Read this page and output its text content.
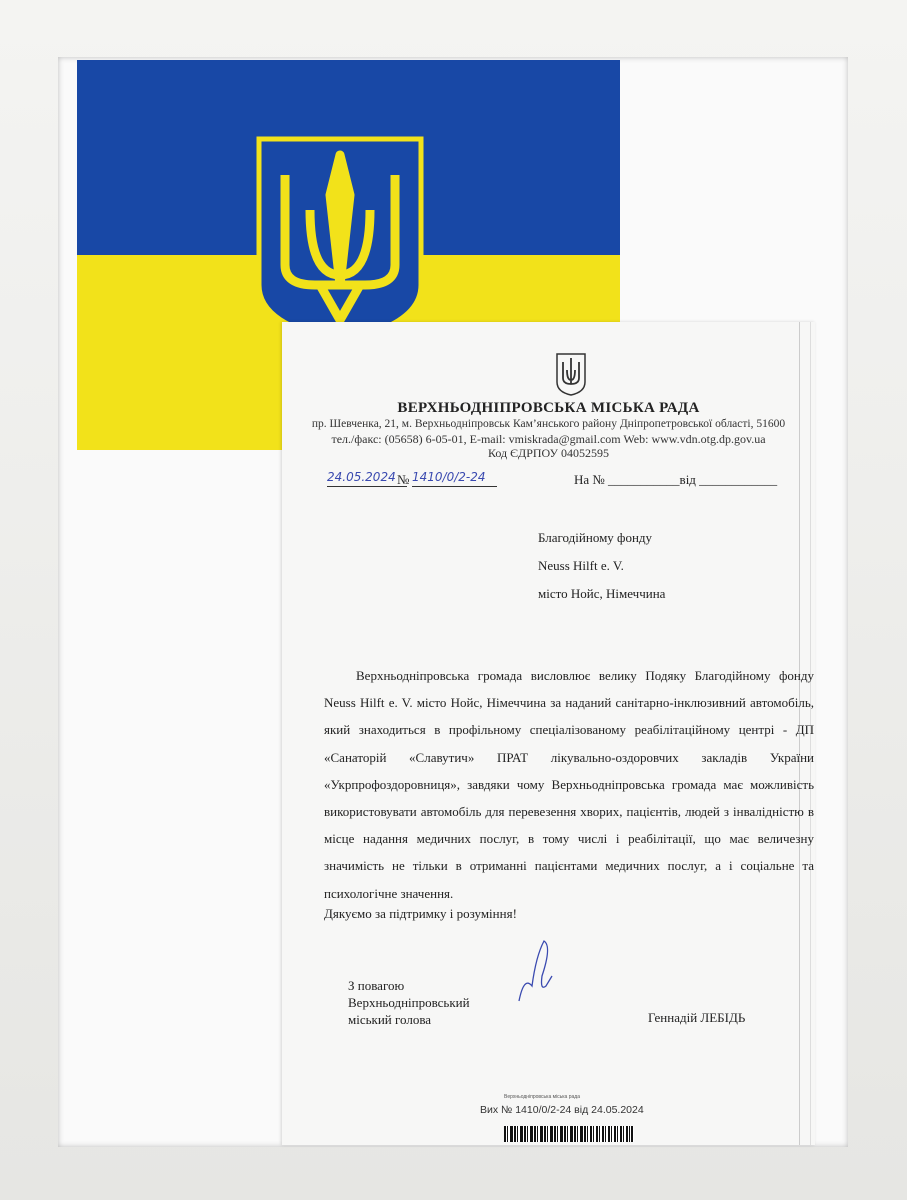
ВЕРХНЬОДНІПРОВСЬКА МІСЬКА РАДА
пр. Шевченка, 21, м. Верхньодніпровськ Кам’янського району Дніпропетровської області, 51600
тел./факс: (05658) 6-05-01, E-mail: vmiskrada@gmail.com Web: www.vdn.otg.dp.gov.ua
Код ЄДРПОУ 04052595
24.05.2024 № 1410/0/2-24	На № ___________від ____________
Благодійному фонду
Neuss Hilft e. V.
місто Нойс, Німеччина
Верхньодніпровська громада висловлює велику Подяку Благодійному фонду Neuss Hilft e. V. місто Нойс, Німеччина за наданий санітарно-інклюзивний автомобіль, який знаходиться в профільному спеціалізованому реабілітаційному центрі - ДП «Санаторій «Славутич» ПРАТ лікувально-оздоровчих закладів України «Укрпрофоздоровниця», завдяки чому Верхньодніпровська громада має можливість використовувати автомобіль для перевезення хворих, пацієнтів, людей з інвалідністю в місце надання медичних послуг, в тому числі і реабілітації, що має величезну значимість не тільки в отриманні пацієнтами медичних послуг, а і соціальне та психологічне значення.
Дякуємо за підтримку і розуміння!
З повагою
Верхньодніпровський
міський голова	Геннадій ЛЕБІДЬ
Верхньодніпровська міська рада
Вих № 1410/0/2-24 від 24.05.2024
